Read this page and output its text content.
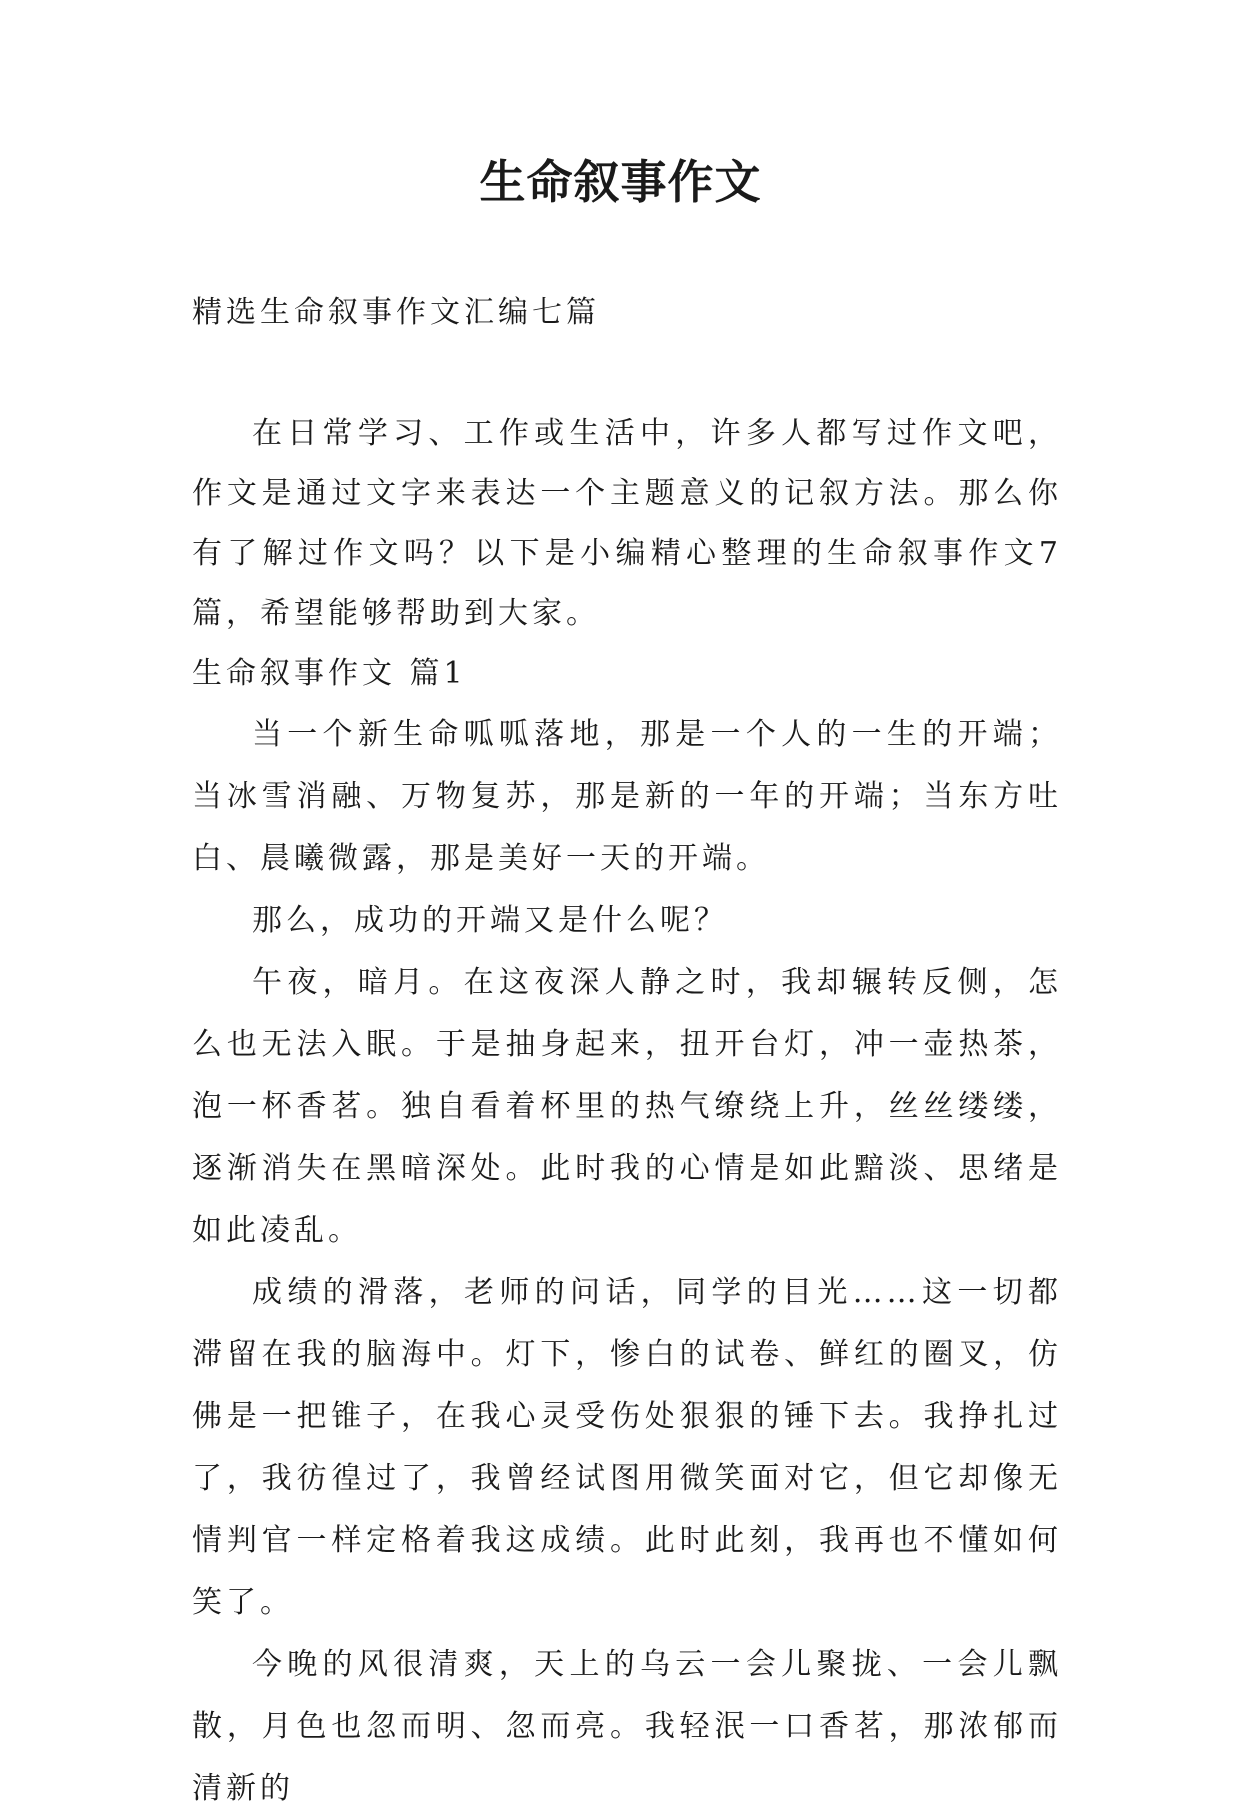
生命叙事作文
精选生命叙事作文汇编七篇

在日常学习、工作或生活中，许多人都写过作文吧，作文是通过文字来表达一个主题意义的记叙方法。那么你有了解过作文吗？以下是小编精心整理的生命叙事作文7篇，希望能够帮助到大家。

生命叙事作文 篇1

当一个新生命呱呱落地，那是一个人的一生的开端；当冰雪消融、万物复苏，那是新的一年的开端；当东方吐白、晨曦微露，那是美好一天的开端。

那么，成功的开端又是什么呢？

午夜，暗月。在这夜深人静之时，我却辗转反侧，怎么也无法入眠。于是抽身起来，扭开台灯，冲一壶热茶，泡一杯香茗。独自看着杯里的热气缭绕上升，丝丝缕缕，逐渐消失在黑暗深处。此时我的心情是如此黯淡、思绪是如此凌乱。

成绩的滑落，老师的问话，同学的目光……这一切都滞留在我的脑海中。灯下，惨白的试卷、鲜红的圈叉，仿佛是一把锥子，在我心灵受伤处狠狠的锤下去。我挣扎过了，我彷徨过了，我曾经试图用微笑面对它，但它却像无情判官一样定格着我这成绩。此时此刻，我再也不懂如何笑了。

今晚的风很清爽，天上的乌云一会儿聚拢、一会儿飘散，月色也忽而明、忽而亮。我轻泯一口香茗，那浓郁而清新的
